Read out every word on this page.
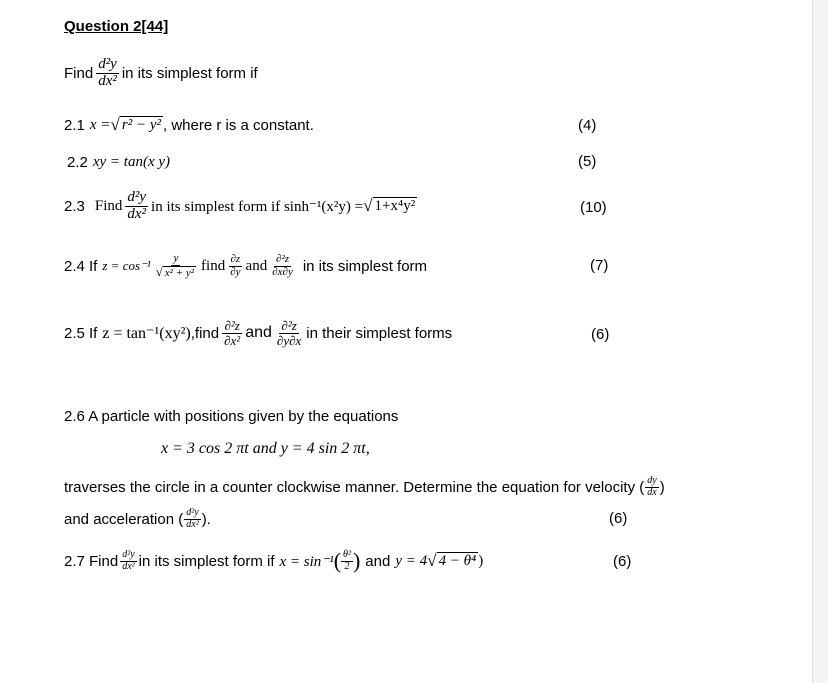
Question 2[44]
Find $\frac{\text{d²y}}{\text{dx²}}$ in its simplest form if
2.1 x = √ r² − y² , where r is a constant.	(4)
2.2 xy = tan(x y)	(5)
2.3 Find $\frac{\text{d²y}}{\text{dx²}}$ in its simplest form if sinh⁻¹(x²y) = √ 1+x⁴y²	(10)
2.4 If $z = \cos^{-1} \frac{y}{\text{√ x² + y²}}$ find $\frac{\partial z}{\partial y}$ and $\frac{\text{∂²z}}{\partial x\partial y}$ in its simplest form	(7)
2.5 If z = tan⁻¹(xy²) ,find $\frac{\text{∂²z}}{\text{∂x²}}$ and $\frac{\text{∂²z}}{\partial y\partial x}$ in their simplest forms	(6)
2.6 A particle with positions given by the equations
x = 3 cos 2 πt and y = 4 sin 2 πt,
traverses the circle in a counter clockwise manner. Determine the equation for velocity ( $\frac{dy}{dx}$ )
and acceleration ( $\frac{\text{d²y}}{\text{dx²}}$ ).	(6)
2.7 Find $\frac{\text{d²y}}{\text{dx²}}$ in its simplest form if x = sin⁻¹ ( $\frac{\text{θ²}}{2}$ ) and y = 4 √ 4 − θ⁴ )	(6)
